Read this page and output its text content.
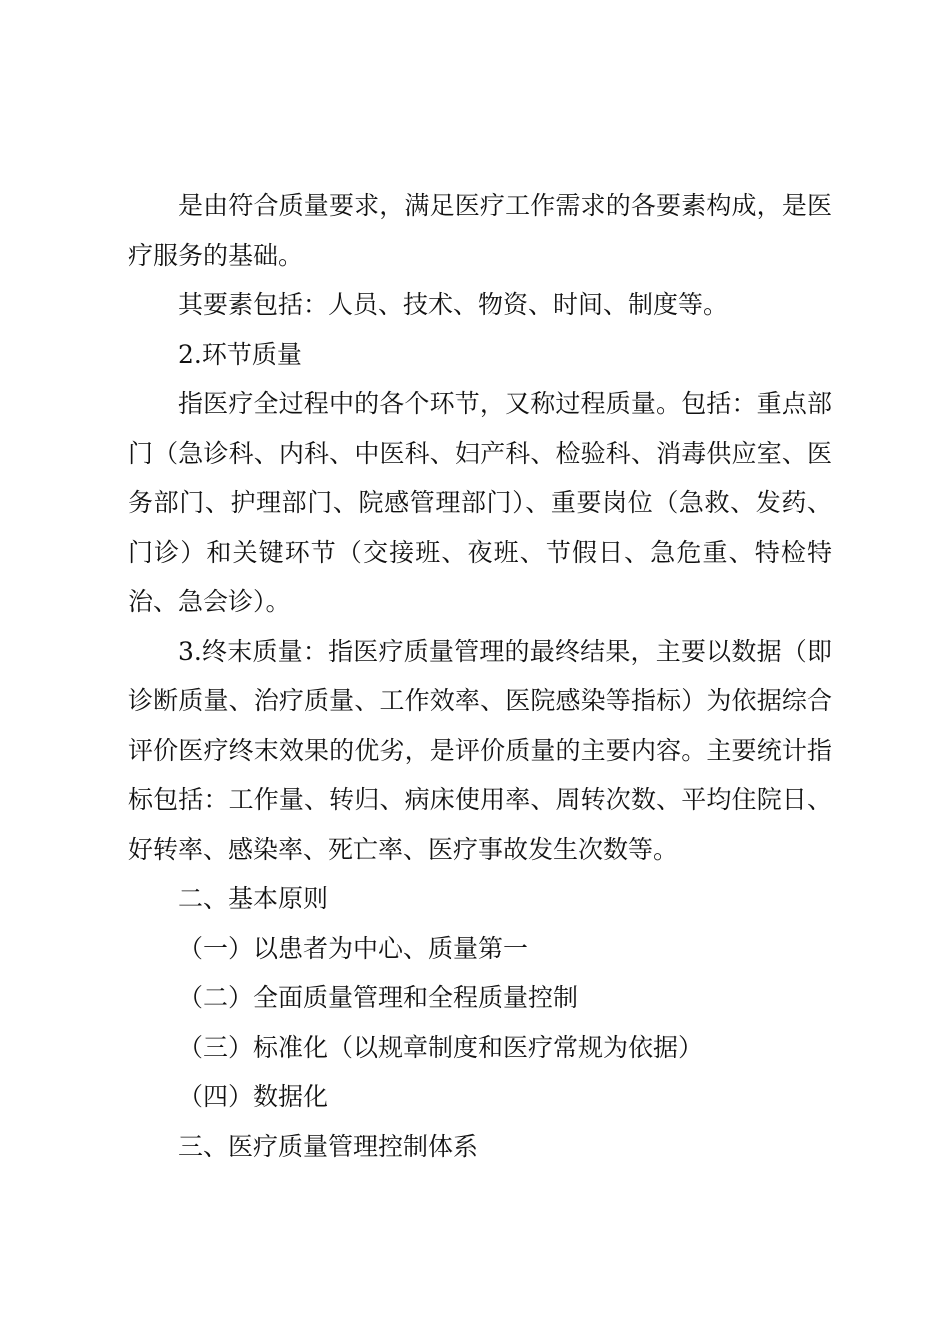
是由符合质量要求，满足医疗工作需求的各要素构成，是医疗服务的基础。

其要素包括：人员、技术、物资、时间、制度等。

2.环节质量

指医疗全过程中的各个环节，又称过程质量。包括：重点部门（急诊科、内科、中医科、妇产科、检验科、消毒供应室、医务部门、护理部门、院感管理部门）、重要岗位（急救、发药、门诊）和关键环节（交接班、夜班、节假日、急危重、特检特治、急会诊）。

3.终末质量：指医疗质量管理的最终结果，主要以数据（即诊断质量、治疗质量、工作效率、医院感染等指标）为依据综合评价医疗终末效果的优劣，是评价质量的主要内容。主要统计指标包括：工作量、转归、病床使用率、周转次数、平均住院日、好转率、感染率、死亡率、医疗事故发生次数等。

二、基本原则

（一）以患者为中心、质量第一

（二）全面质量管理和全程质量控制

（三）标准化（以规章制度和医疗常规为依据）

（四）数据化

三、医疗质量管理控制体系
